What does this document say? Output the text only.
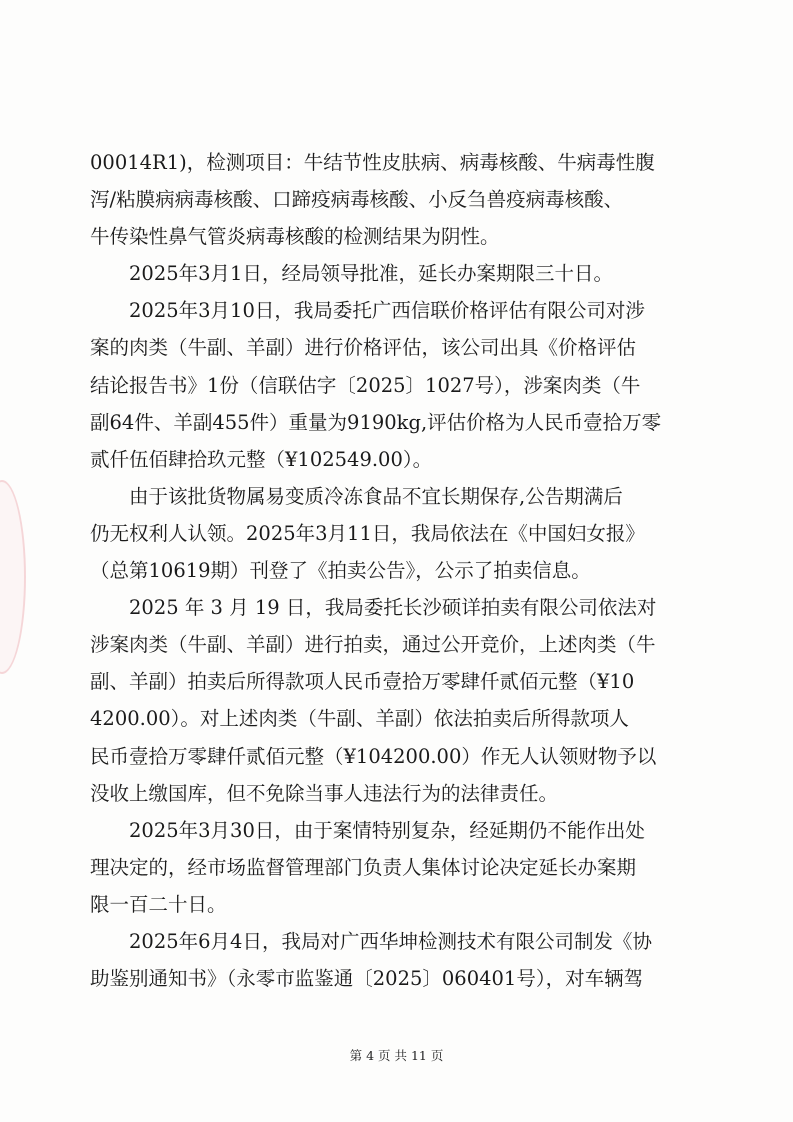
00014R1)，检测项目：牛结节性皮肤病、病毒核酸、牛病毒性腹
泻/粘膜病病毒核酸、口蹄疫病毒核酸、小反刍兽疫病毒核酸、
牛传染性鼻气管炎病毒核酸的检测结果为阴性。
　　2025年3月1日，经局领导批准，延长办案期限三十日。
　　2025年3月10日，我局委托广西信联价格评估有限公司对涉
案的肉类（牛副、羊副）进行价格评估，该公司出具《价格评估
结论报告书》1份（信联估字〔2025〕1027号），涉案肉类（牛
副64件、羊副455件）重量为9190kg,评估价格为人民币壹拾万零
贰仟伍佰肆拾玖元整（¥102549.00）。
　　由于该批货物属易变质冷冻食品不宜长期保存,公告期满后
仍无权利人认领。2025年3月11日，我局依法在《中国妇女报》
（总第10619期）刊登了《拍卖公告》，公示了拍卖信息。
　　2025 年 3 月 19 日，我局委托长沙硕详拍卖有限公司依法对
涉案肉类（牛副、羊副）进行拍卖，通过公开竞价，上述肉类（牛
副、羊副）拍卖后所得款项人民币壹拾万零肆仟贰佰元整（¥10
4200.00）。对上述肉类（牛副、羊副）依法拍卖后所得款项人
民币壹拾万零肆仟贰佰元整（¥104200.00）作无人认领财物予以
没收上缴国库，但不免除当事人违法行为的法律责任。
　　2025年3月30日，由于案情特别复杂，经延期仍不能作出处
理决定的，经市场监督管理部门负责人集体讨论决定延长办案期
限一百二十日。
　　2025年6月4日，我局对广西华坤检测技术有限公司制发《协
助鉴别通知书》（永零市监鉴通〔2025〕060401号），对车辆驾
第 4 页 共 11 页
